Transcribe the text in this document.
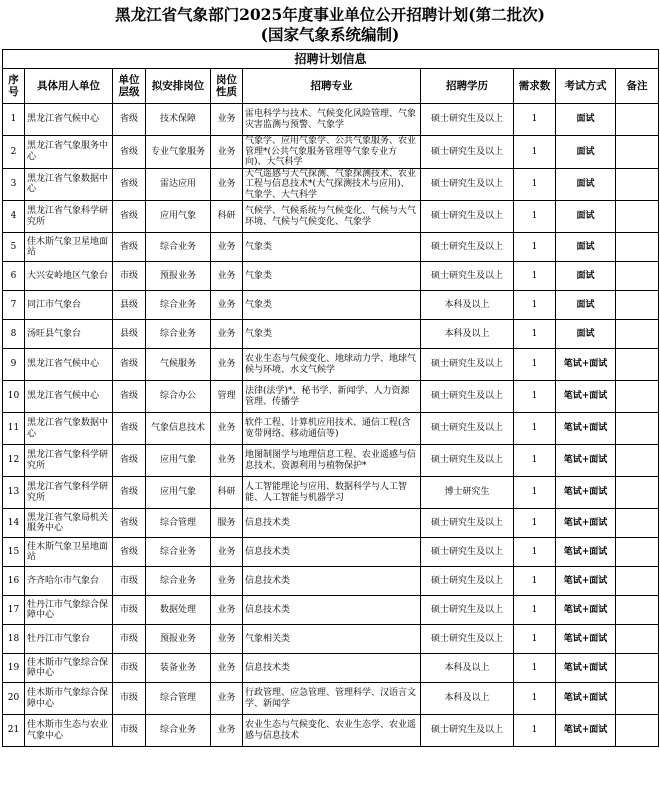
黑龙江省气象部门2025年度事业单位公开招聘计划(第二批次)
(国家气象系统编制)
招聘计划信息									
序号	具体用人单位	单位层级	拟安排岗位	岗位性质	招聘专业	招聘学历	需求数	考试方式	备注
1	黑龙江省气候中心	省级	技术保障	业务	雷电科学与技术、气候变化风险管理、气象灾害监测与预警、气象学	硕士研究生及以上	1	面试	
2	黑龙江省气象服务中心	省级	专业气象服务	业务	气象学、应用气象学、公共气象服务、农业管理*(公共气象服务管理等气象专业方向)、大气科学	硕士研究生及以上	1	面试	
3	黑龙江省气象数据中心	省级	雷达应用	业务	大气遥感与大气探测、气象探测技术、农业工程与信息技术*(大气探测技术与应用)、气象学、大气科学	硕士研究生及以上	1	面试	
4	黑龙江省气象科学研究所	省级	应用气象	科研	气候学、气候系统与气候变化、气候与大气环境、气候与气候变化、气象学	硕士研究生及以上	1	面试	
5	佳木斯气象卫星地面站	省级	综合业务	业务	气象类	硕士研究生及以上	1	面试	
6	大兴安岭地区气象台	市级	预报业务	业务	气象类	硕士研究生及以上	1	面试	
7	同江市气象台	县级	综合业务	业务	气象类	本科及以上	1	面试	
8	汤旺县气象台	县级	综合业务	业务	气象类	本科及以上	1	面试	
9	黑龙江省气候中心	省级	气候服务	业务	农业生态与气候变化、地球动力学、地球气候与环境、水文气候学	硕士研究生及以上	1	笔试+面试	
10	黑龙江省气候中心	省级	综合办公	管理	法律(法学)*、秘书学、新闻学、人力资源管理、传播学	硕士研究生及以上	1	笔试+面试	
11	黑龙江省气象数据中心	省级	气象信息技术	业务	软件工程、计算机应用技术、通信工程(含宽带网络、移动通信等)	硕士研究生及以上	1	笔试+面试	
12	黑龙江省气象科学研究所	省级	应用气象	业务	地图制图学与地理信息工程、农业遥感与信息技术、资源利用与植物保护*	硕士研究生及以上	1	笔试+面试	
13	黑龙江省气象科学研究所	省级	应用气象	科研	人工智能理论与应用、数据科学与人工智能、人工智能与机器学习	博士研究生	1	笔试+面试	
14	黑龙江省气象局机关服务中心	省级	综合管理	服务	信息技术类	硕士研究生及以上	1	笔试+面试	
15	佳木斯气象卫星地面站	省级	综合业务	业务	信息技术类	硕士研究生及以上	1	笔试+面试	
16	齐齐哈尔市气象台	市级	综合业务	业务	信息技术类	硕士研究生及以上	1	笔试+面试	
17	牡丹江市气象综合保障中心	市级	数据处理	业务	信息技术类	硕士研究生及以上	1	笔试+面试	
18	牡丹江市气象台	市级	预报业务	业务	气象相关类	硕士研究生及以上	1	笔试+面试	
19	佳木斯市气象综合保障中心	市级	装备业务	业务	信息技术类	本科及以上	1	笔试+面试	
20	佳木斯市气象综合保障中心	市级	综合管理	业务	行政管理、应急管理、管理科学、汉语言文学、新闻学	本科及以上	1	笔试+面试	
21	佳木斯市生态与农业气象中心	市级	综合业务	业务	农业生态与气候变化、农业生态学、农业遥感与信息技术	硕士研究生及以上	1	笔试+面试	
